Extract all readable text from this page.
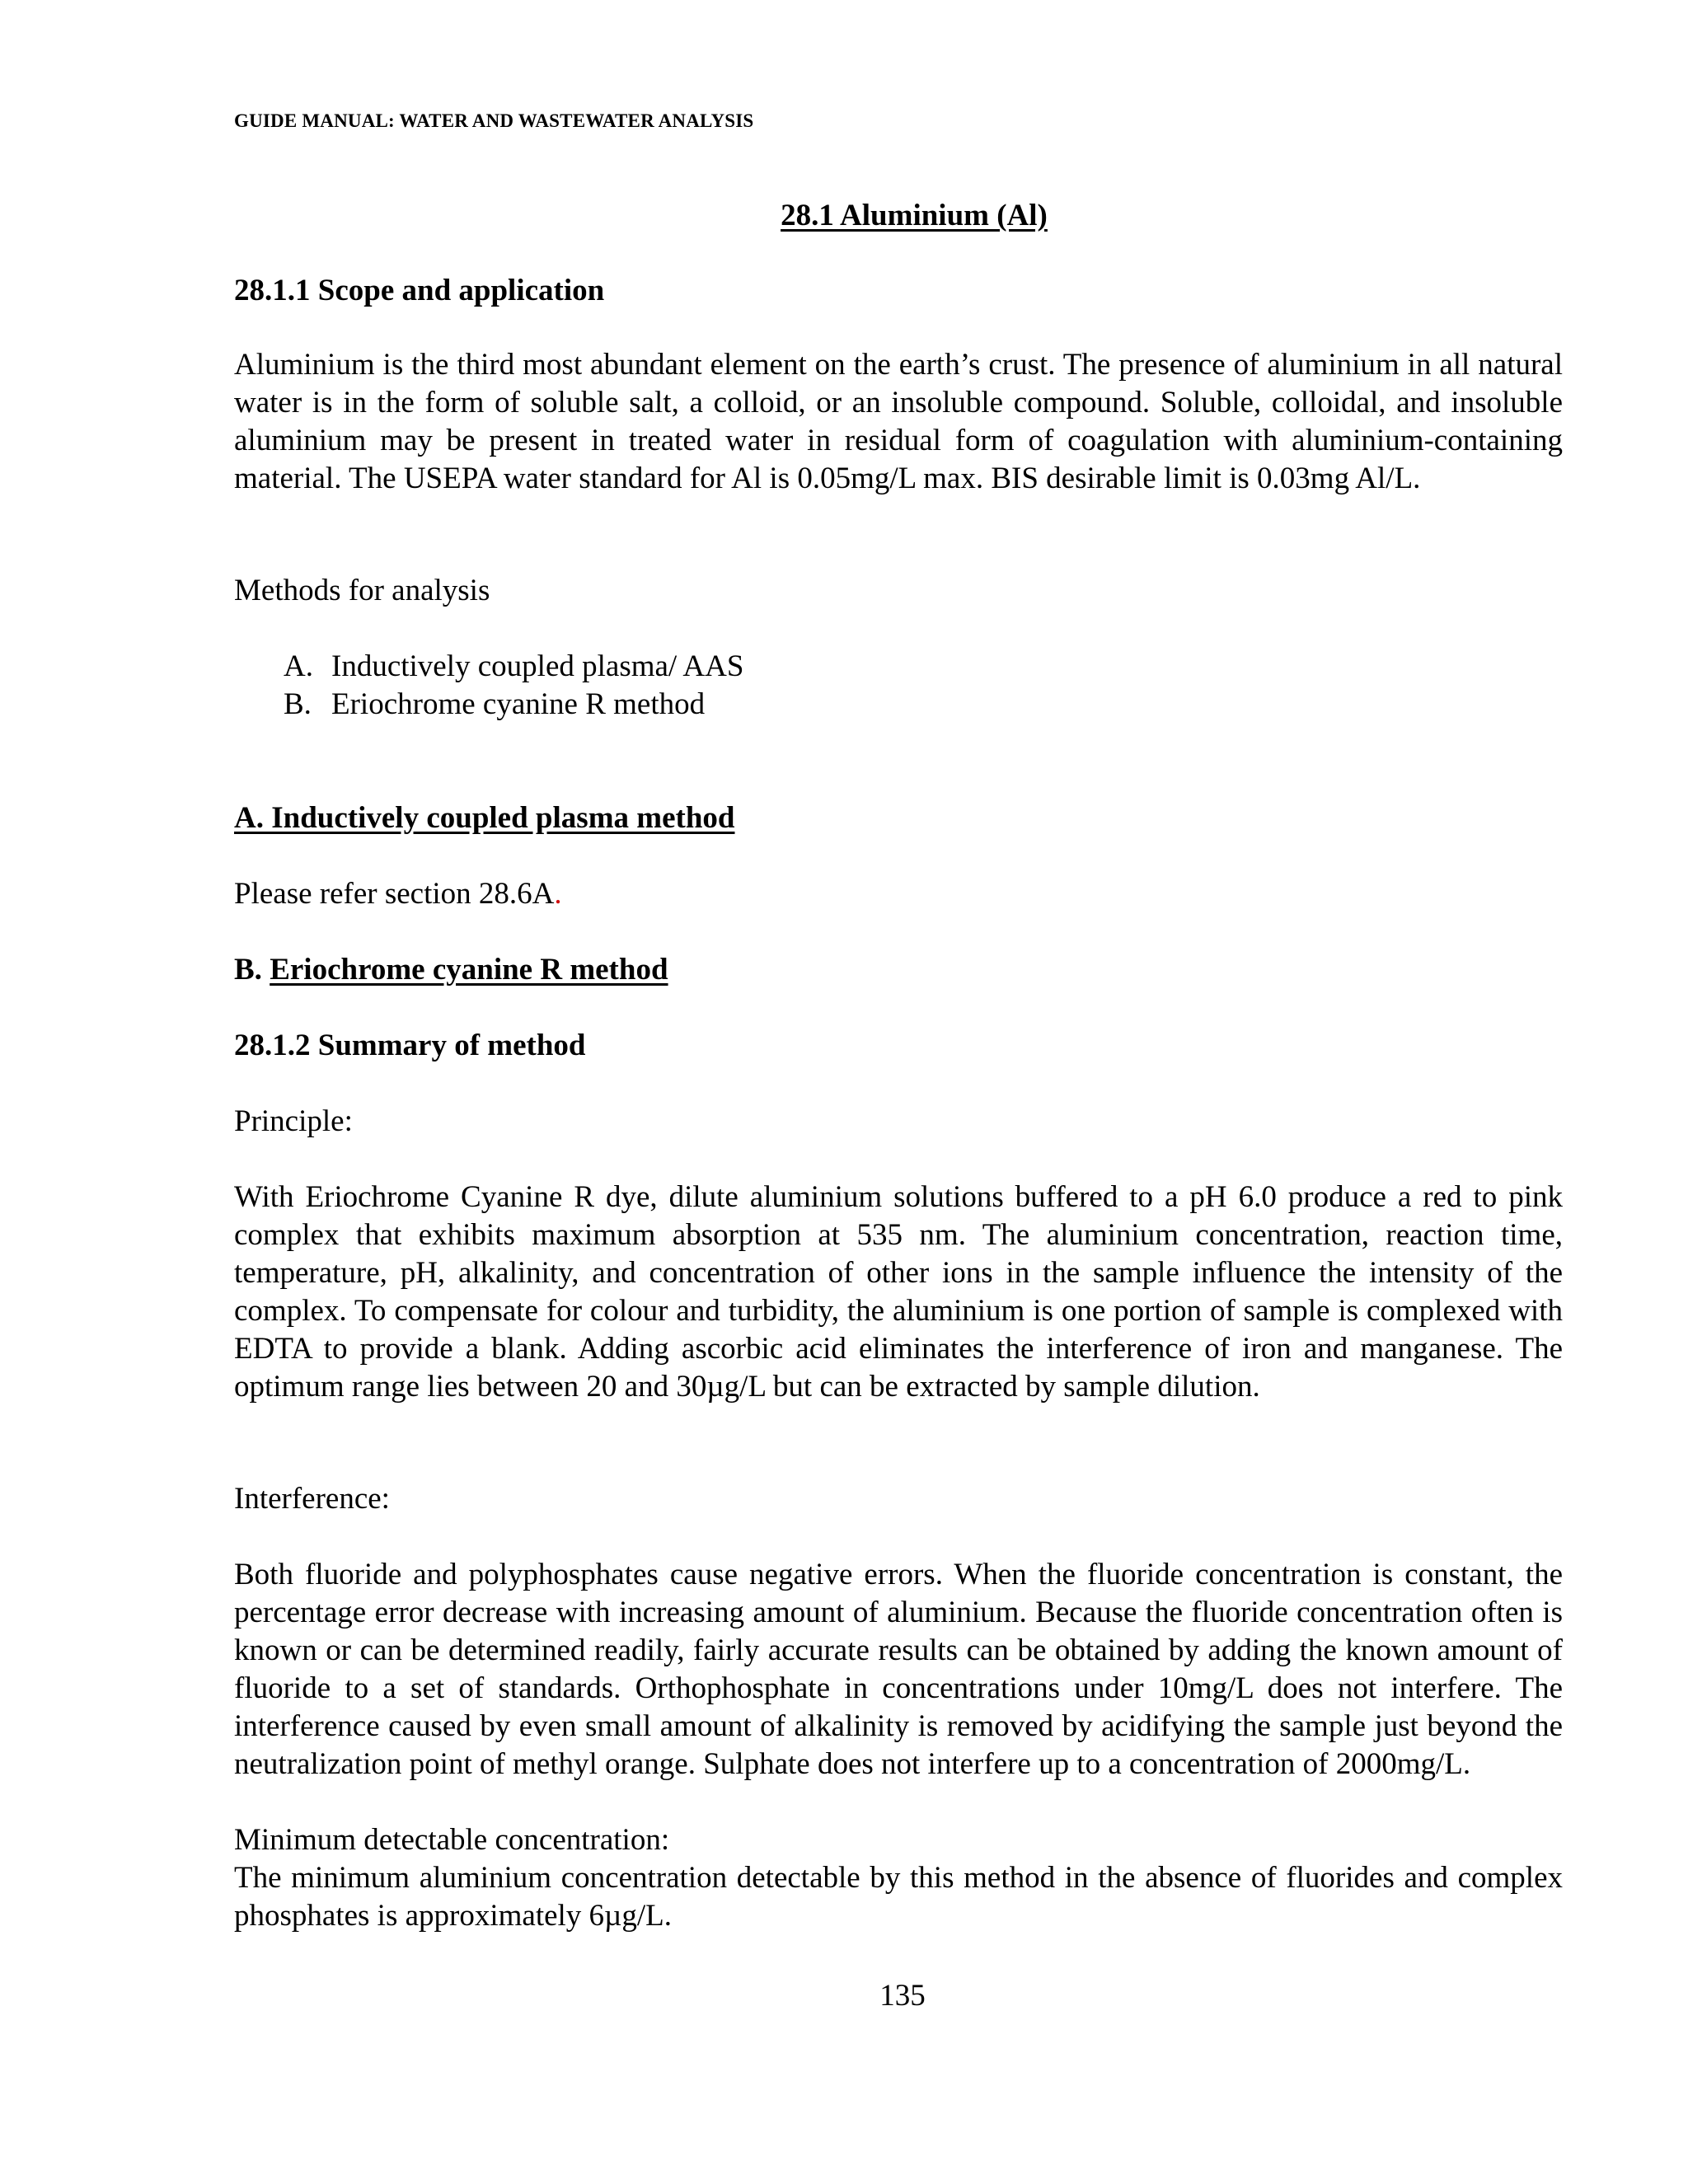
GUIDE MANUAL: WATER AND WASTEWATER ANALYSIS
28.1 Aluminium (Al)
28.1.1 Scope and application
Aluminium is the third most abundant element on the earth’s crust. The presence of aluminium in all natural water is in the form of soluble salt, a colloid, or an insoluble compound. Soluble, colloidal, and insoluble aluminium may be present in treated water in residual form of coagulation with aluminium-containing material. The USEPA water standard for Al is 0.05mg/L max. BIS desirable limit is 0.03mg Al/L.
Methods for analysis
A. Inductively coupled plasma/ AAS
B. Eriochrome cyanine R method
A. Inductively coupled plasma method
Please refer section 28.6A.
B. Eriochrome cyanine R method
28.1.2 Summary of method
Principle:
With Eriochrome Cyanine R dye, dilute aluminium solutions buffered to a pH 6.0 produce a red to pink complex that exhibits maximum absorption at 535 nm. The aluminium concentration, reaction time, temperature, pH, alkalinity, and concentration of other ions in the sample influence the intensity of the complex. To compensate for colour and turbidity, the aluminium is one portion of sample is complexed with EDTA to provide a blank. Adding ascorbic acid eliminates the interference of iron and manganese. The optimum range lies between 20 and 30µg/L but can be extracted by sample dilution.
Interference:
Both fluoride and polyphosphates cause negative errors. When the fluoride concentration is constant, the percentage error decrease with increasing amount of aluminium. Because the fluoride concentration often is known or can be determined readily, fairly accurate results can be obtained by adding the known amount of fluoride to a set of standards. Orthophosphate in concentrations under 10mg/L does not interfere. The interference caused by even small amount of alkalinity is removed by acidifying the sample just beyond the neutralization point of methyl orange. Sulphate does not interfere up to a concentration of 2000mg/L.
Minimum detectable concentration:
The minimum aluminium concentration detectable by this method in the absence of fluorides and complex phosphates is approximately 6µg/L.
135
